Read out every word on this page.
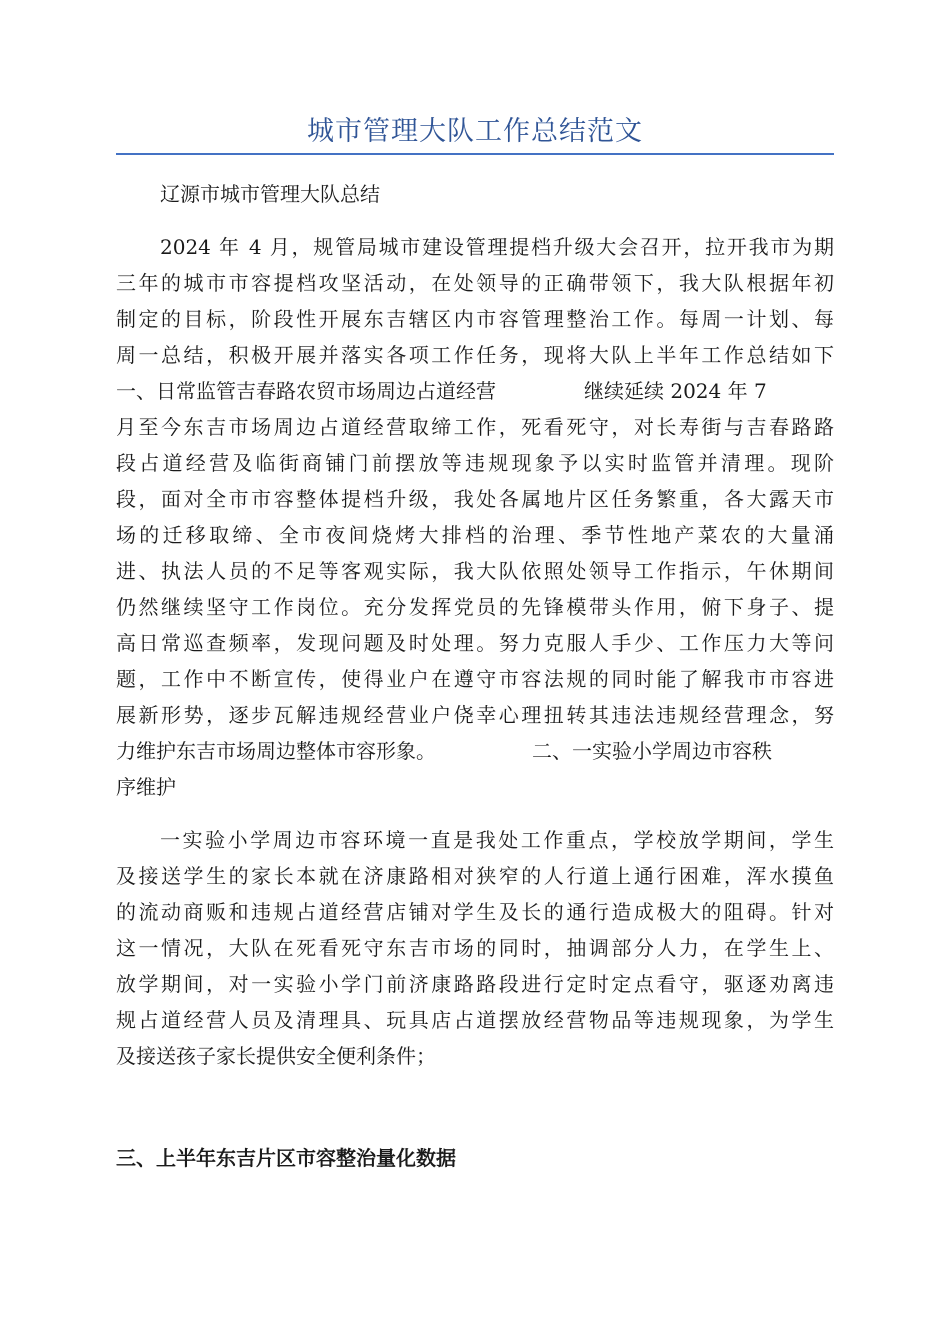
城市管理大队工作总结范文
辽源市城市管理大队总结
2024 年 4 月，规管局城市建设管理提档升级大会召开，拉开我市为期
三年的城市市容提档攻坚活动，在处领导的正确带领下，我大队根据年初
制定的目标，阶段性开展东吉辖区内市容管理整治工作。每周一计划、每
周一总结，积极开展并落实各项工作任务，现将大队上半年工作总结如下
一、日常监管吉春路农贸市场周边占道经营	继续延续 2024 年 7
月至今东吉市场周边占道经营取缔工作，死看死守，对长寿街与吉春路路
段占道经营及临街商铺门前摆放等违规现象予以实时监管并清理。现阶
段，面对全市市容整体提档升级，我处各属地片区任务繁重，各大露天市
场的迁移取缔、全市夜间烧烤大排档的治理、季节性地产菜农的大量涌
进、执法人员的不足等客观实际，我大队依照处领导工作指示，午休期间
仍然继续坚守工作岗位。充分发挥党员的先锋模带头作用，俯下身子、提
高日常巡查频率，发现问题及时处理。努力克服人手少、工作压力大等问
题，工作中不断宣传，使得业户在遵守市容法规的同时能了解我市市容进
展新形势，逐步瓦解违规经营业户侥幸心理扭转其违法违规经营理念，努
力维护东吉市场周边整体市容形象。	二、一实验小学周边市容秩
序维护
一实验小学周边市容环境一直是我处工作重点，学校放学期间，学生
及接送学生的家长本就在济康路相对狭窄的人行道上通行困难，浑水摸鱼
的流动商贩和违规占道经营店铺对学生及长的通行造成极大的阻碍。针对
这一情况，大队在死看死守东吉市场的同时，抽调部分人力，在学生上、
放学期间，对一实验小学门前济康路路段进行定时定点看守，驱逐劝离违
规占道经营人员及清理具、玩具店占道摆放经营物品等违规现象，为学生
及接送孩子家长提供安全便利条件；
三、上半年东吉片区市容整治量化数据
